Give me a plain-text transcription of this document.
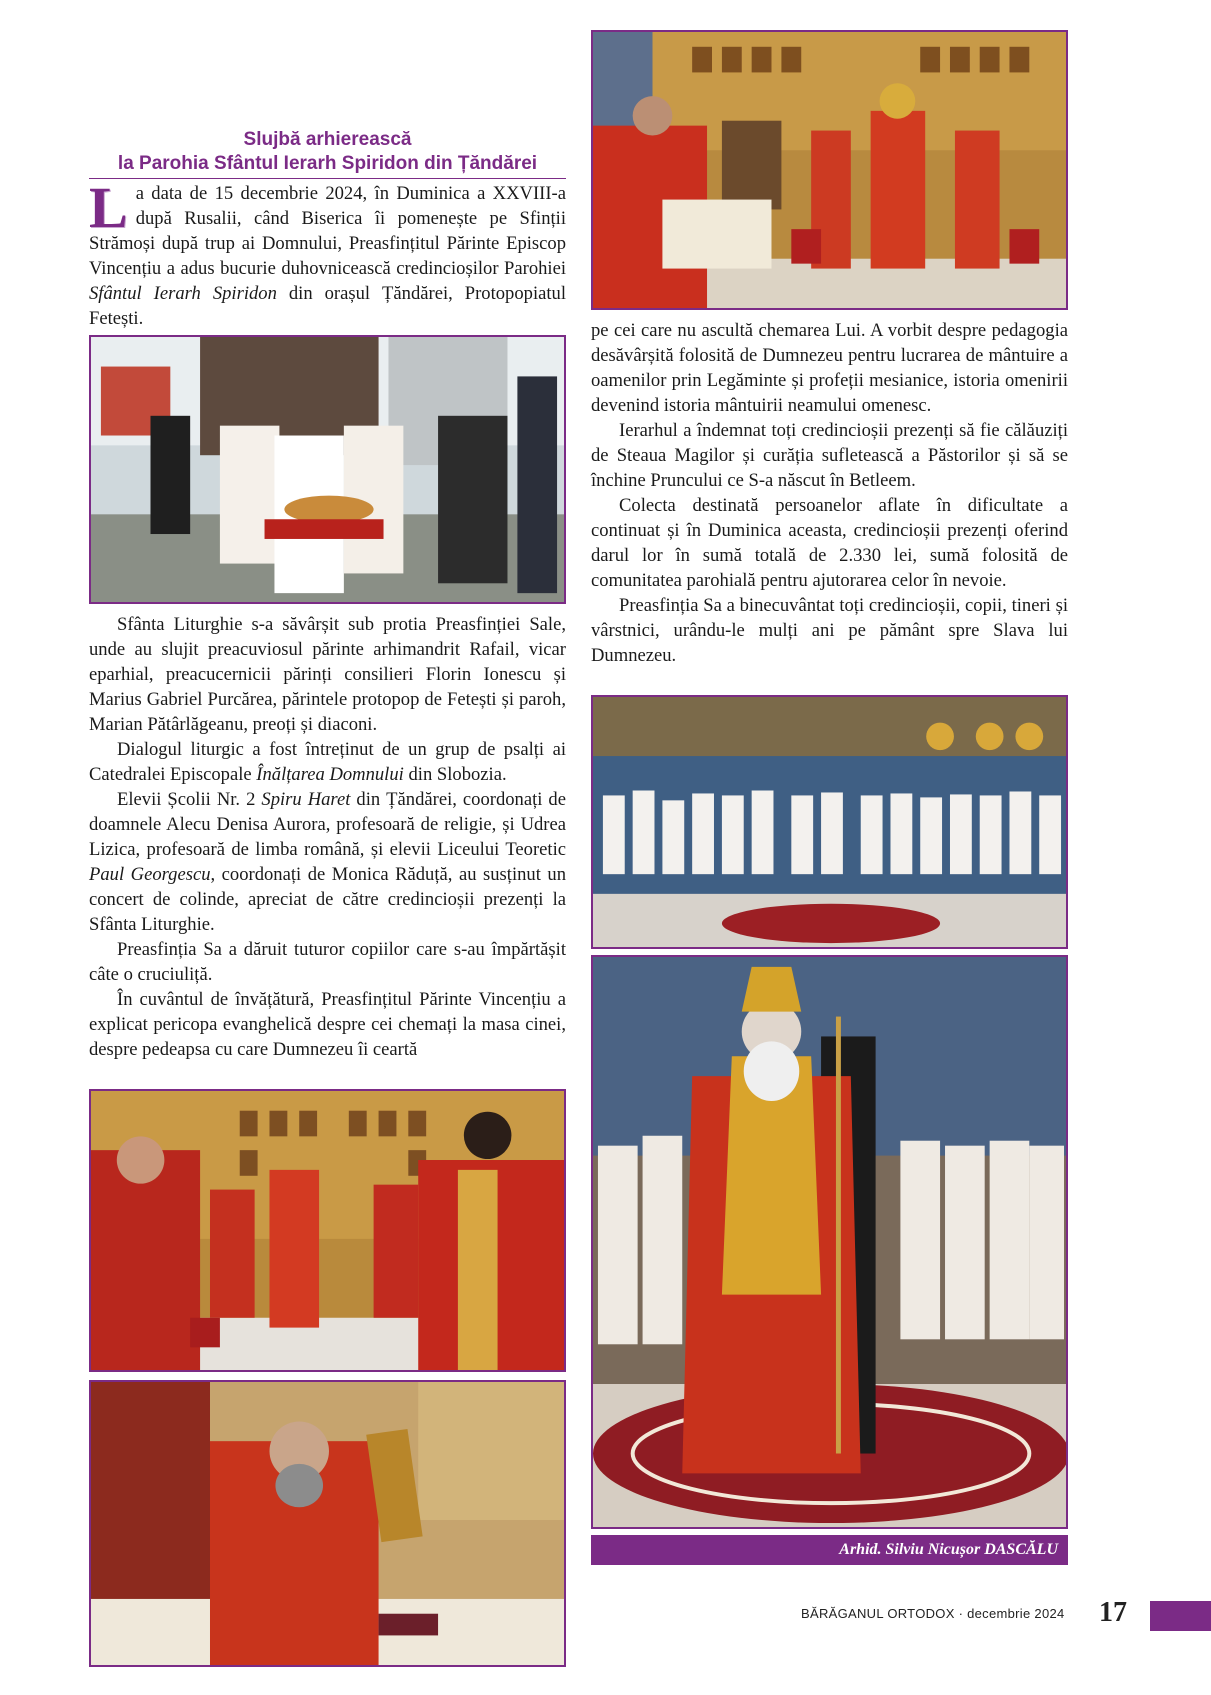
Slujbă arhierească
la Parohia Sfântul Ierarh Spiridon din Țăndărei

La data de 15 decembrie 2024, în Duminica a XXVIII-a după Rusalii, când Biserica îi pomenește pe Sfinții Strămoși după trup ai Domnului, Preasfințitul Părinte Episcop Vincențiu a adus bucurie duhovnicească credincioșilor Parohiei Sfântul Ierarh Spiridon din orașul Țăndărei, Protopopiatul Fetești.

Sfânta Liturghie s-a săvârșit sub protia Preasfinției Sale, unde au slujit preacuviosul părinte arhimandrit Rafail, vicar eparhial, preacucernicii părinți consilieri Florin Ionescu și Marius Gabriel Purcărea, părintele protopop de Fetești și paroh, Marian Pătârlăgeanu, preoți și diaconi.

Dialogul liturgic a fost întreținut de un grup de psalți ai Catedralei Episcopale Înălțarea Domnului din Slobozia.

Elevii Școlii Nr. 2 Spiru Haret din Țăndărei, coordonați de doamnele Alecu Denisa Aurora, profesoară de religie, și Udrea Lizica, profesoară de limba română, și elevii Liceului Teoretic Paul Georgescu, coordonați de Monica Răduță, au susținut un concert de colinde, apreciat de către credincioșii prezenți la Sfânta Liturghie.

Preasfinția Sa a dăruit tuturor copiilor care s-au împărtășit câte o cruciuliță.

În cuvântul de învățătură, Preasfințitul Părinte Vincențiu a explicat pericopa evanghelică despre cei chemați la masa cinei, despre pedeapsa cu care Dumnezeu îi ceartă

pe cei care nu ascultă chemarea Lui. A vorbit despre pedagogia desăvârșită folosită de Dumnezeu pentru lucrarea de mântuire a oamenilor prin Legăminte și profeții mesianice, istoria omenirii devenind istoria mântuirii neamului omenesc.

Ierarhul a îndemnat toți credincioșii prezenți să fie călăuziți de Steaua Magilor și curăția sufletească a Păstorilor și să se închine Pruncului ce S-a născut în Betleem.

Colecta destinată persoanelor aflate în dificultate a continuat și în Duminica aceasta, credincioșii prezenți oferind darul lor în sumă totală de 2.330 lei, sumă folosită de comunitatea parohială pentru ajutorarea celor în nevoie.

Preasfinția Sa a binecuvântat toți credincioșii, copii, tineri și vârstnici, urându-le mulți ani pe pământ spre Slava lui Dumnezeu.

Arhid. Silviu Nicușor DASCĂLU
BĂRĂGANUL ORTODOX · decembrie 2024 17
